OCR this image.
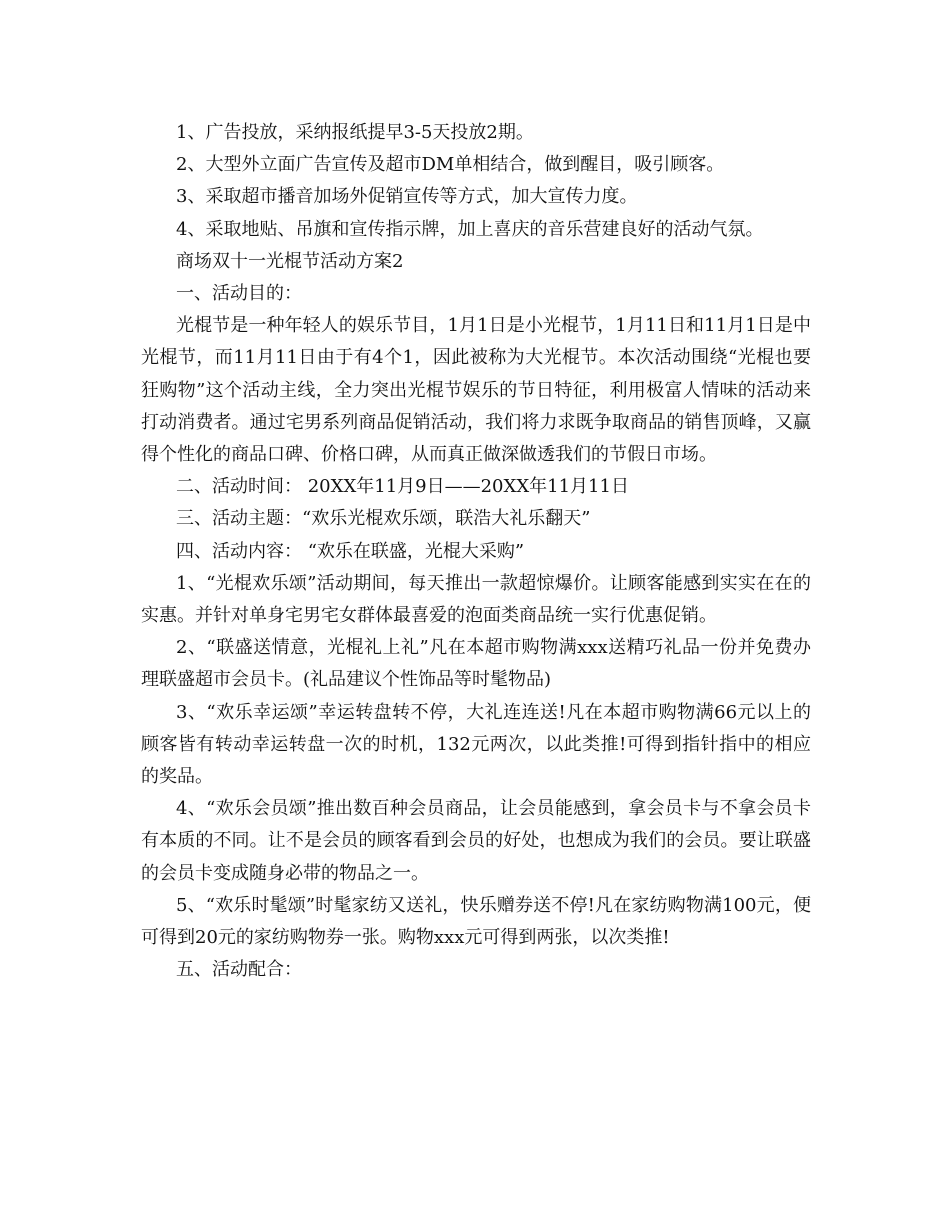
1、广告投放，采纳报纸提早3-5天投放2期。

2、大型外立面广告宣传及超市DM单相结合，做到醒目，吸引顾客。

3、采取超市播音加场外促销宣传等方式，加大宣传力度。

4、采取地贴、吊旗和宣传指示牌，加上喜庆的音乐营建良好的活动气氛。

商场双十一光棍节活动方案2

一、活动目的：

光棍节是一种年轻人的娱乐节目，1月1日是小光棍节，1月11日和11月1日是中光棍节，而11月11日由于有4个1，因此被称为大光棍节。本次活动围绕“光棍也要狂购物”这个活动主线，全力突出光棍节娱乐的节日特征，利用极富人情味的活动来打动消费者。通过宅男系列商品促销活动，我们将力求既争取商品的销售顶峰，又赢得个性化的商品口碑、价格口碑，从而真正做深做透我们的节假日市场。

二、活动时间： 20XX年11月9日——20XX年11月11日

三、活动主题：“欢乐光棍欢乐颂，联浩大礼乐翻天”

四、活动内容： “欢乐在联盛，光棍大采购”

1、“光棍欢乐颂”活动期间，每天推出一款超惊爆价。让顾客能感到实实在在的实惠。并针对单身宅男宅女群体最喜爱的泡面类商品统一实行优惠促销。

2、“联盛送情意，光棍礼上礼”凡在本超市购物满xxx送精巧礼品一份并免费办理联盛超市会员卡。(礼品建议个性饰品等时髦物品)

3、“欢乐幸运颂”幸运转盘转不停，大礼连连送!凡在本超市购物满66元以上的顾客皆有转动幸运转盘一次的时机，132元两次，以此类推!可得到指针指中的相应的奖品。

4、“欢乐会员颂”推出数百种会员商品，让会员能感到，拿会员卡与不拿会员卡有本质的不同。让不是会员的顾客看到会员的好处，也想成为我们的会员。要让联盛的会员卡变成随身必带的物品之一。

5、“欢乐时髦颂”时髦家纺又送礼，快乐赠券送不停!凡在家纺购物满100元，便可得到20元的家纺购物券一张。购物xxx元可得到两张，以次类推!

五、活动配合：
